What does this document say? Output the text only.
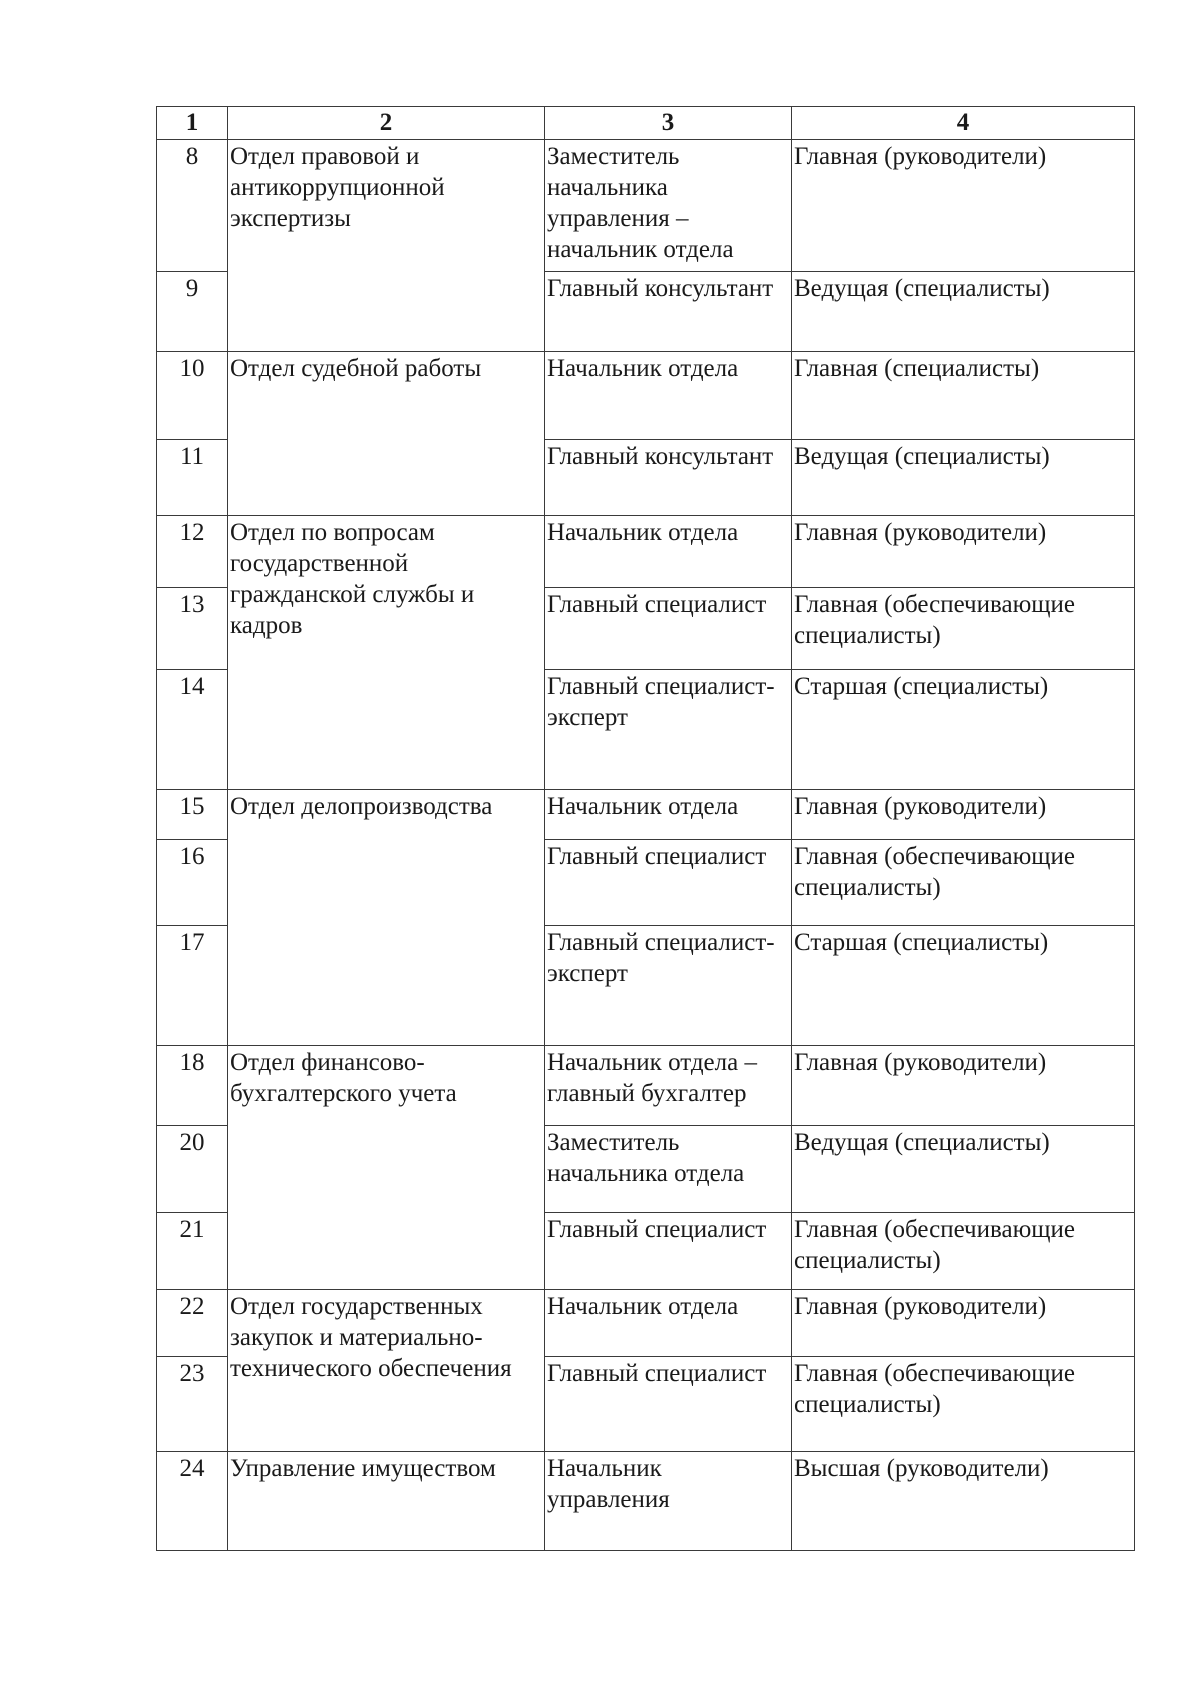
1	2	3	4
8	Отдел правовой и антикоррупционной экспертизы	Заместитель начальника управления – начальник отдела	Главная (руководители)
9		Главный консультант	Ведущая (специалисты)
10	Отдел судебной работы	Начальник отдела	Главная (специалисты)
11		Главный консультант	Ведущая (специалисты)
12	Отдел по вопросам государственной гражданской службы и кадров	Начальник отдела	Главная (руководители)
13		Главный специалист	Главная (обеспечивающие специалисты)
14		Главный специалист-эксперт	Старшая (специалисты)
15	Отдел делопроизводства	Начальник отдела	Главная (руководители)
16		Главный специалист	Главная (обеспечивающие специалисты)
17		Главный специалист-эксперт	Старшая (специалисты)
18	Отдел финансово-бухгалтерского учета	Начальник отдела – главный бухгалтер	Главная (руководители)
20		Заместитель начальника отдела	Ведущая (специалисты)
21		Главный специалист	Главная (обеспечивающие специалисты)
22	Отдел государственных закупок и материально-технического обеспечения	Начальник отдела	Главная (руководители)
23		Главный специалист	Главная (обеспечивающие специалисты)
24	Управление имуществом	Начальник управления	Высшая (руководители)
